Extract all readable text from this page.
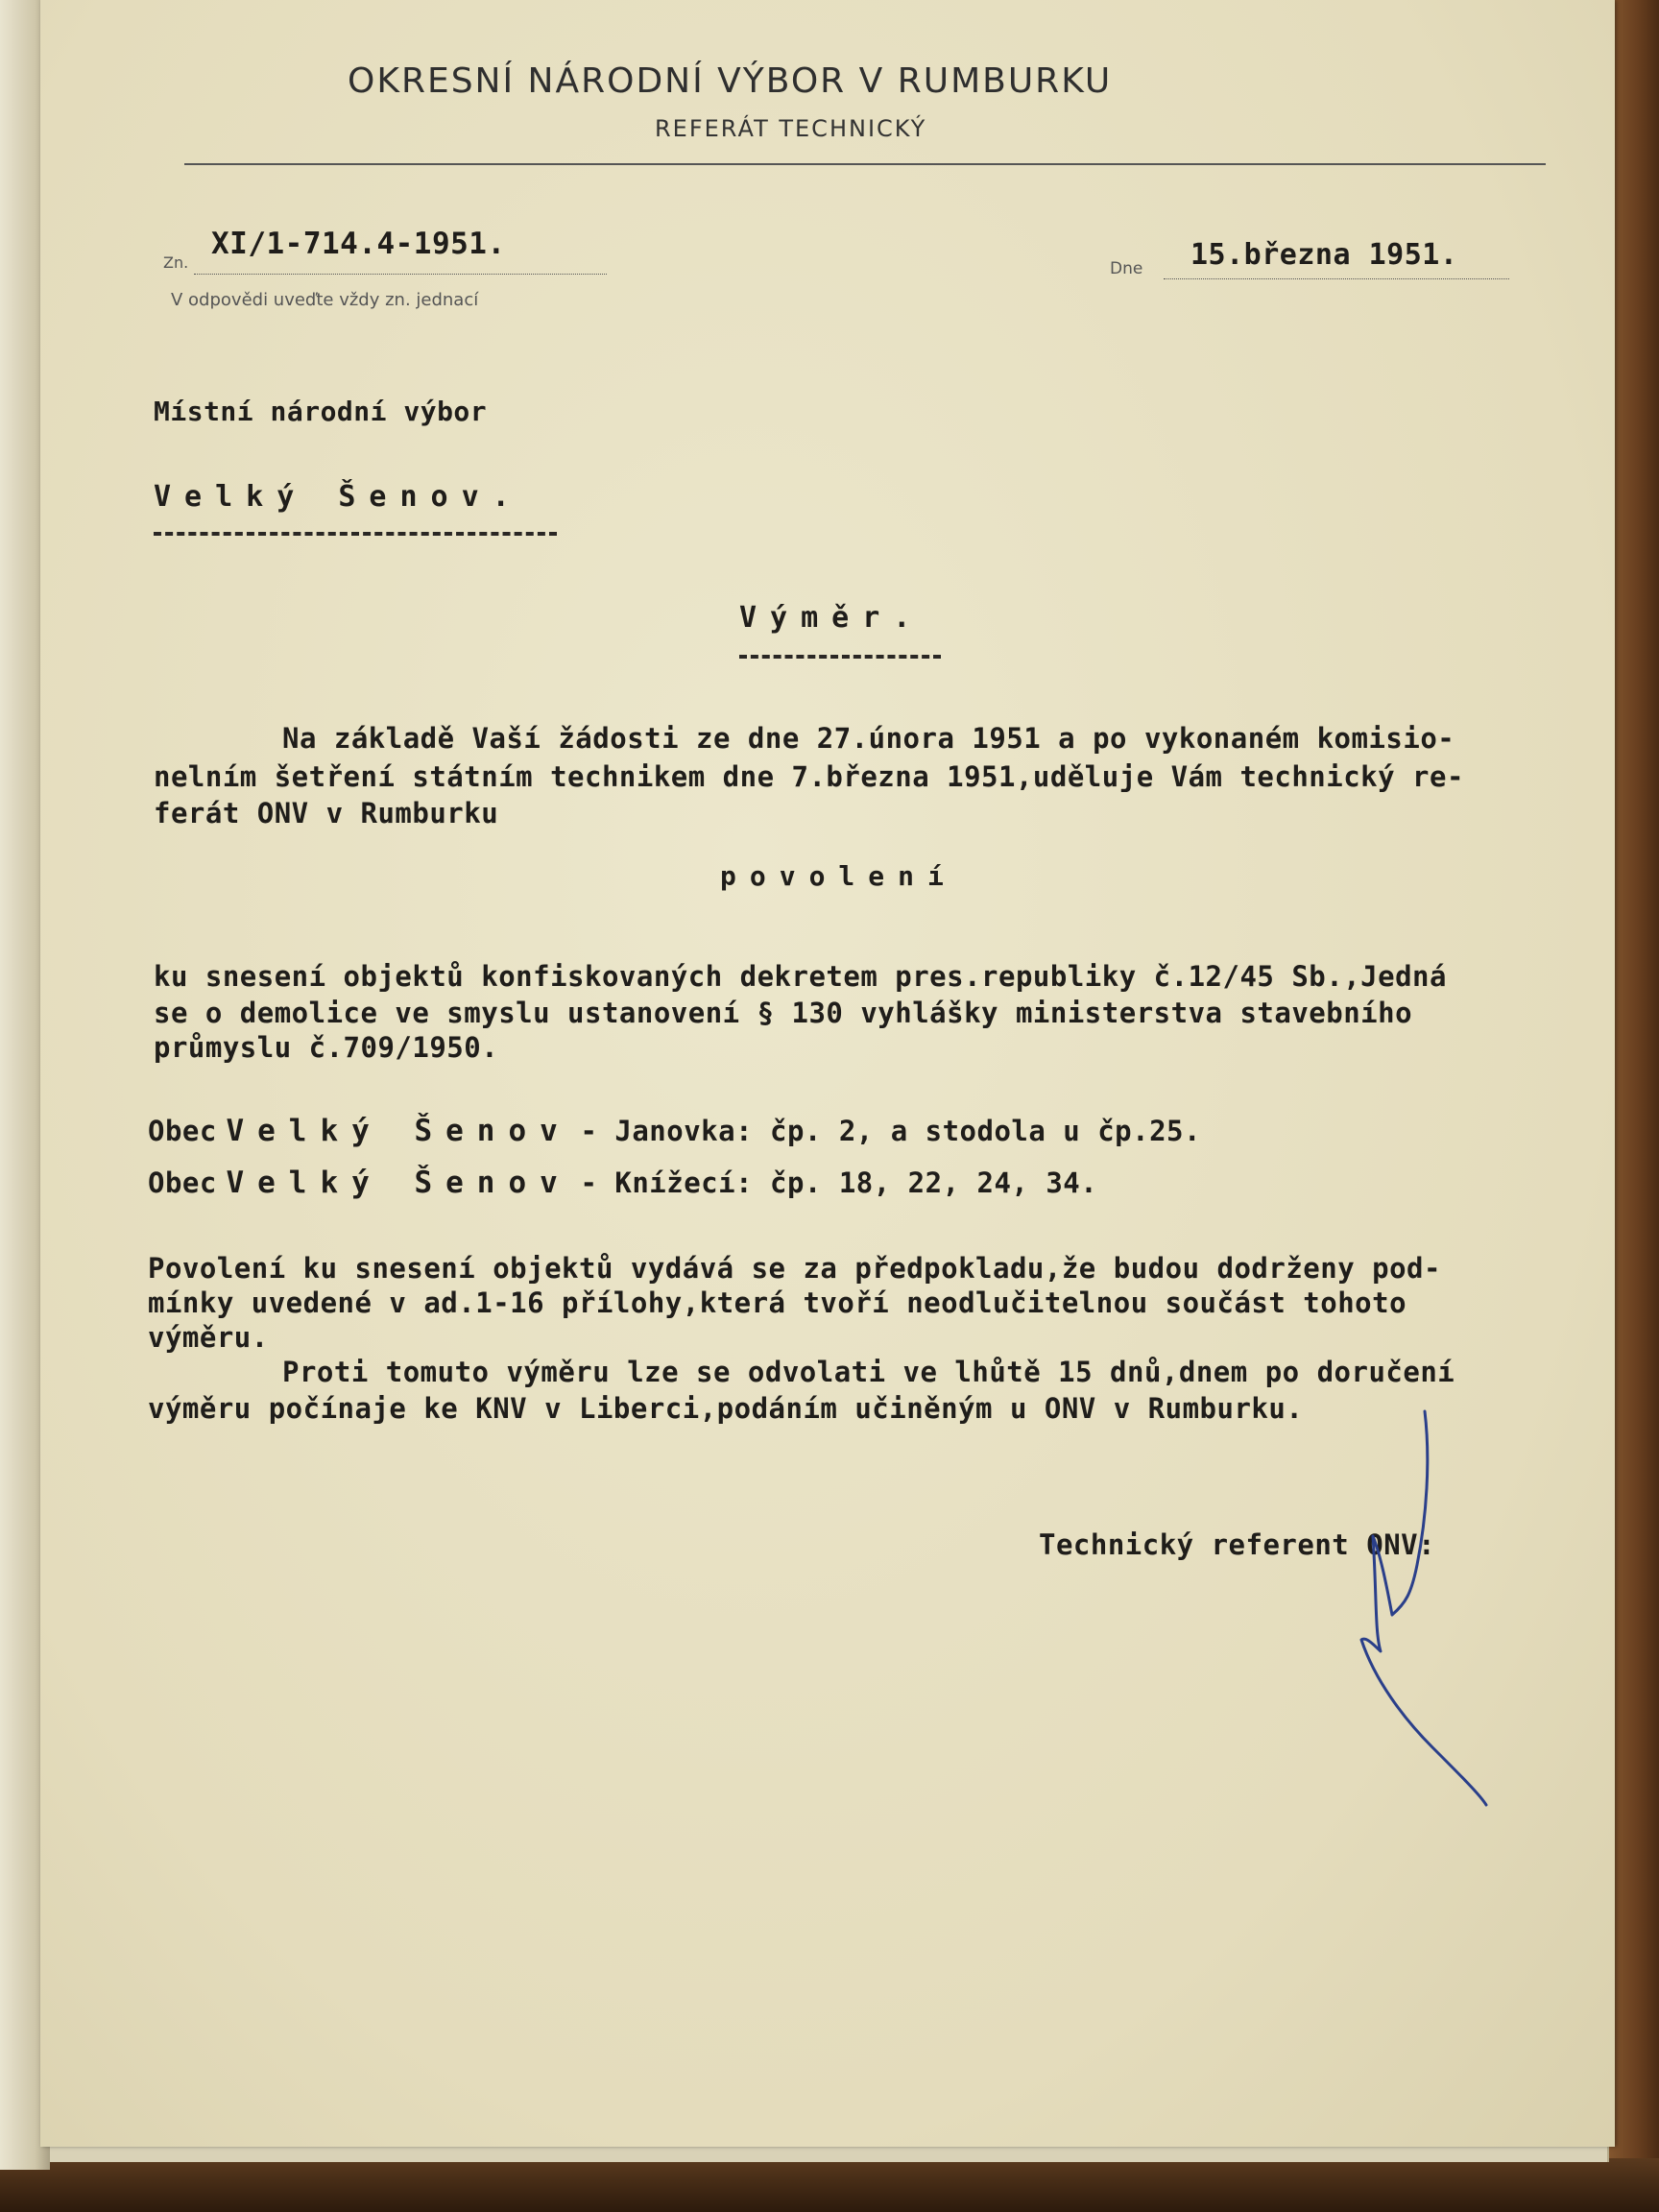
OKRESNÍ NÁRODNÍ VÝBOR V RUMBURKU
REFERÁT TECHNICKÝ
Zn.
XI/1-714.4-1951.
V odpovědi uveďte vždy zn. jednací
Dne 15.března 1951.
Místní národní výbor
Velký Šenov.
Výměr.
Na základě Vaší žádosti ze dne 27.února 1951 a po vykonaném komisio-
nelním šetření státním technikem dne 7.března 1951,uděluje Vám technický re-
ferát ONV v Rumburku
povolení
ku snesení objektů konfiskovaných dekretem pres.republiky č.12/45 Sb.,Jedná
se o demolice ve smyslu ustanovení § 130 vyhlášky ministerstva stavebního
průmyslu č.709/1950.
Obec Velký Šenov - Janovka: čp. 2, a stodola u čp.25.
Obec Velký Šenov - Knížecí: čp. 18, 22, 24, 34.
Povolení ku snesení objektů vydává se za předpokladu,že budou dodrženy pod-
mínky uvedené v ad.1-16 přílohy,která tvoří neodlučitelnou součást tohoto
výměru.
Proti tomuto výměru lze se odvolati ve lhůtě 15 dnů,dnem po doručení
výměru počínaje ke KNV v Liberci,podáním učiněným u ONV v Rumburku.
Technický referent ONV:
